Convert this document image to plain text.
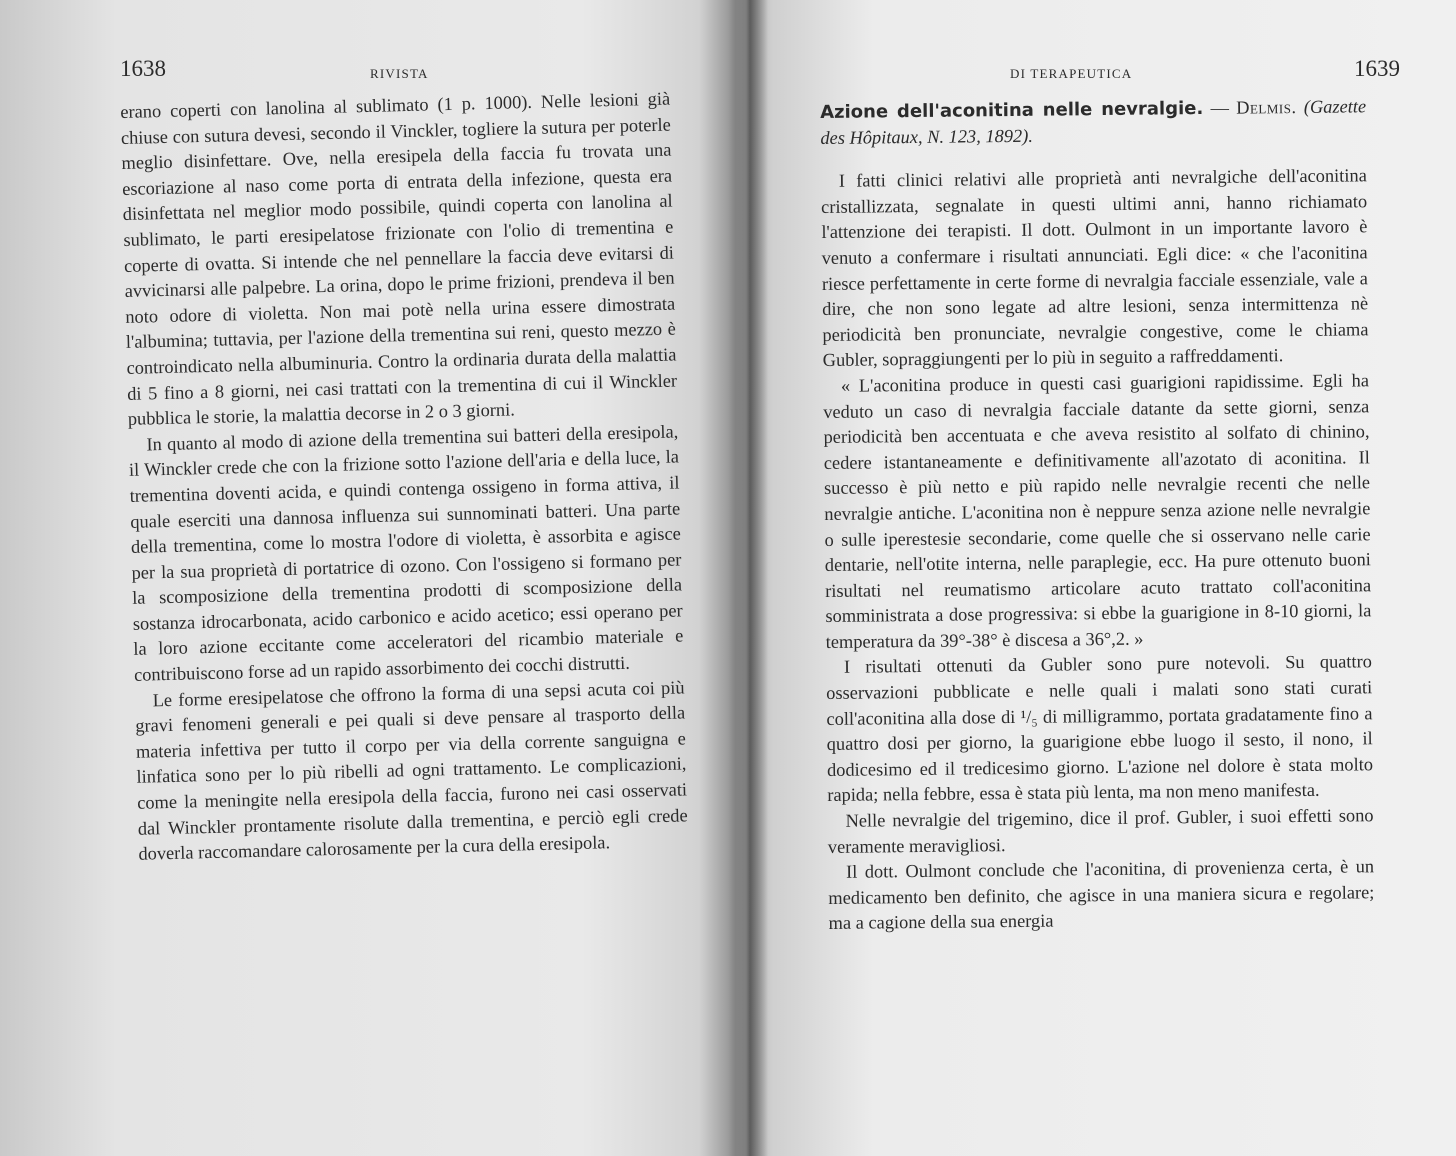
1638	RIVISTA

erano coperti con lanolina al sublimato (1 p. 1000). Nelle lesioni già chiuse con sutura devesi, secondo il Vinckler, togliere la sutura per poterle meglio disinfettare. Ove, nella eresipela della faccia fu trovata una escoriazione al naso come porta di entrata della infezione, questa era disinfettata nel meglior modo possibile, quindi coperta con lanolina al sublimato, le parti eresipelatose frizionate con l'olio di trementina e coperte di ovatta. Si intende che nel pennellare la faccia deve evitarsi di avvicinarsi alle palpebre. La orina, dopo le prime frizioni, prendeva il ben noto odore di violetta. Non mai potè nella urina essere dimostrata l'albumina; tuttavia, per l'azione della trementina sui reni, questo mezzo è controindicato nella albuminuria. Contro la ordinaria durata della malattia di 5 fino a 8 giorni, nei casi trattati con la trementina di cui il Winckler pubblica le storie, la malattia decorse in 2 o 3 giorni.

In quanto al modo di azione della trementina sui batteri della eresipola, il Winckler crede che con la frizione sotto l'azione dell'aria e della luce, la trementina doventi acida, e quindi contenga ossigeno in forma attiva, il quale eserciti una dannosa influenza sui sunnominati batteri. Una parte della trementina, come lo mostra l'odore di violetta, è assorbita e agisce per la sua proprietà di portatrice di ozono. Con l'ossigeno si formano per la scomposizione della trementina prodotti di scomposizione della sostanza idrocarbonata, acido carbonico e acido acetico; essi operano per la loro azione eccitante come acceleratori del ricambio materiale e contribuiscono forse ad un rapido assorbimento dei cocchi distrutti.

Le forme eresipelatose che offrono la forma di una sepsi acuta coi più gravi fenomeni generali e pei quali si deve pensare al trasporto della materia infettiva per tutto il corpo per via della corrente sanguigna e linfatica sono per lo più ribelli ad ogni trattamento. Le complicazioni, come la meningite nella eresipola della faccia, furono nei casi osservati dal Winckler prontamente risolute dalla trementina, e perciò egli crede doverla raccomandare calorosamente per la cura della eresipola.

DI TERAPEUTICA	1639

Azione dell'aconitina nelle nevralgie. — Delmis. (Gazette des Hôpitaux, N. 123, 1892).

I fatti clinici relativi alle proprietà anti nevralgiche dell'aconitina cristallizzata, segnalate in questi ultimi anni, hanno richiamato l'attenzione dei terapisti. Il dott. Oulmont in un importante lavoro è venuto a confermare i risultati annunciati. Egli dice: « che l'aconitina riesce perfettamente in certe forme di nevralgia facciale essenziale, vale a dire, che non sono legate ad altre lesioni, senza intermittenza nè periodicità ben pronunciate, nevralgie congestive, come le chiama Gubler, sopraggiungenti per lo più in seguito a raffreddamenti.

« L'aconitina produce in questi casi guarigioni rapidissime. Egli ha veduto un caso di nevralgia facciale datante da sette giorni, senza periodicità ben accentuata e che aveva resistito al solfato di chinino, cedere istantaneamente e definitivamente all'azotato di aconitina. Il successo è più netto e più rapido nelle nevralgie recenti che nelle nevralgie antiche. L'aconitina non è neppure senza azione nelle nevralgie o sulle iperestesie secondarie, come quelle che si osservano nelle carie dentarie, nell'otite interna, nelle paraplegie, ecc. Ha pure ottenuto buoni risultati nel reumatismo articolare acuto trattato coll'aconitina somministrata a dose progressiva: si ebbe la guarigione in 8-10 giorni, la temperatura da 39°-38° è discesa a 36°,2. »

I risultati ottenuti da Gubler sono pure notevoli. Su quattro osservazioni pubblicate e nelle quali i malati sono stati curati coll'aconitina alla dose di ¹/₅ di milligrammo, portata gradatamente fino a quattro dosi per giorno, la guarigione ebbe luogo il sesto, il nono, il dodicesimo ed il tredicesimo giorno. L'azione nel dolore è stata molto rapida; nella febbre, essa è stata più lenta, ma non meno manifesta.

Nelle nevralgie del trigemino, dice il prof. Gubler, i suoi effetti sono veramente meravigliosi.

Il dott. Oulmont conclude che l'aconitina, di provenienza certa, è un medicamento ben definito, che agisce in una maniera sicura e regolare; ma a cagione della sua energia
